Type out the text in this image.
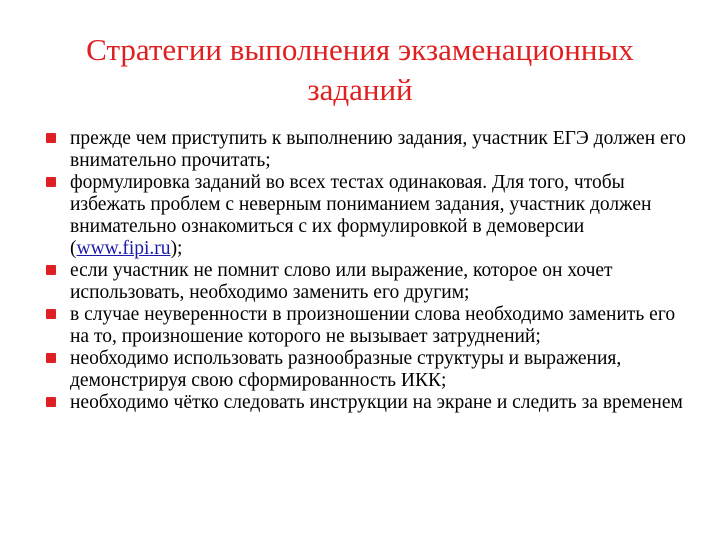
Стратегии выполнения экзаменационных заданий
прежде чем приступить к выполнению задания, участник ЕГЭ должен его внимательно прочитать;
формулировка заданий во всех тестах одинаковая. Для того, чтобы избежать проблем с неверным пониманием задания, участник должен внимательно ознакомиться с их формулировкой в демоверсии (www.fipi.ru);
если участник не помнит слово или выражение, которое он хочет использовать, необходимо заменить его другим;
в случае неуверенности в произношении слова необходимо заменить его на то, произношение которого не вызывает затруднений;
необходимо использовать разнообразные структуры и выражения, демонстрируя свою сформированность ИКК;
необходимо чётко следовать инструкции на экране и следить за временем
